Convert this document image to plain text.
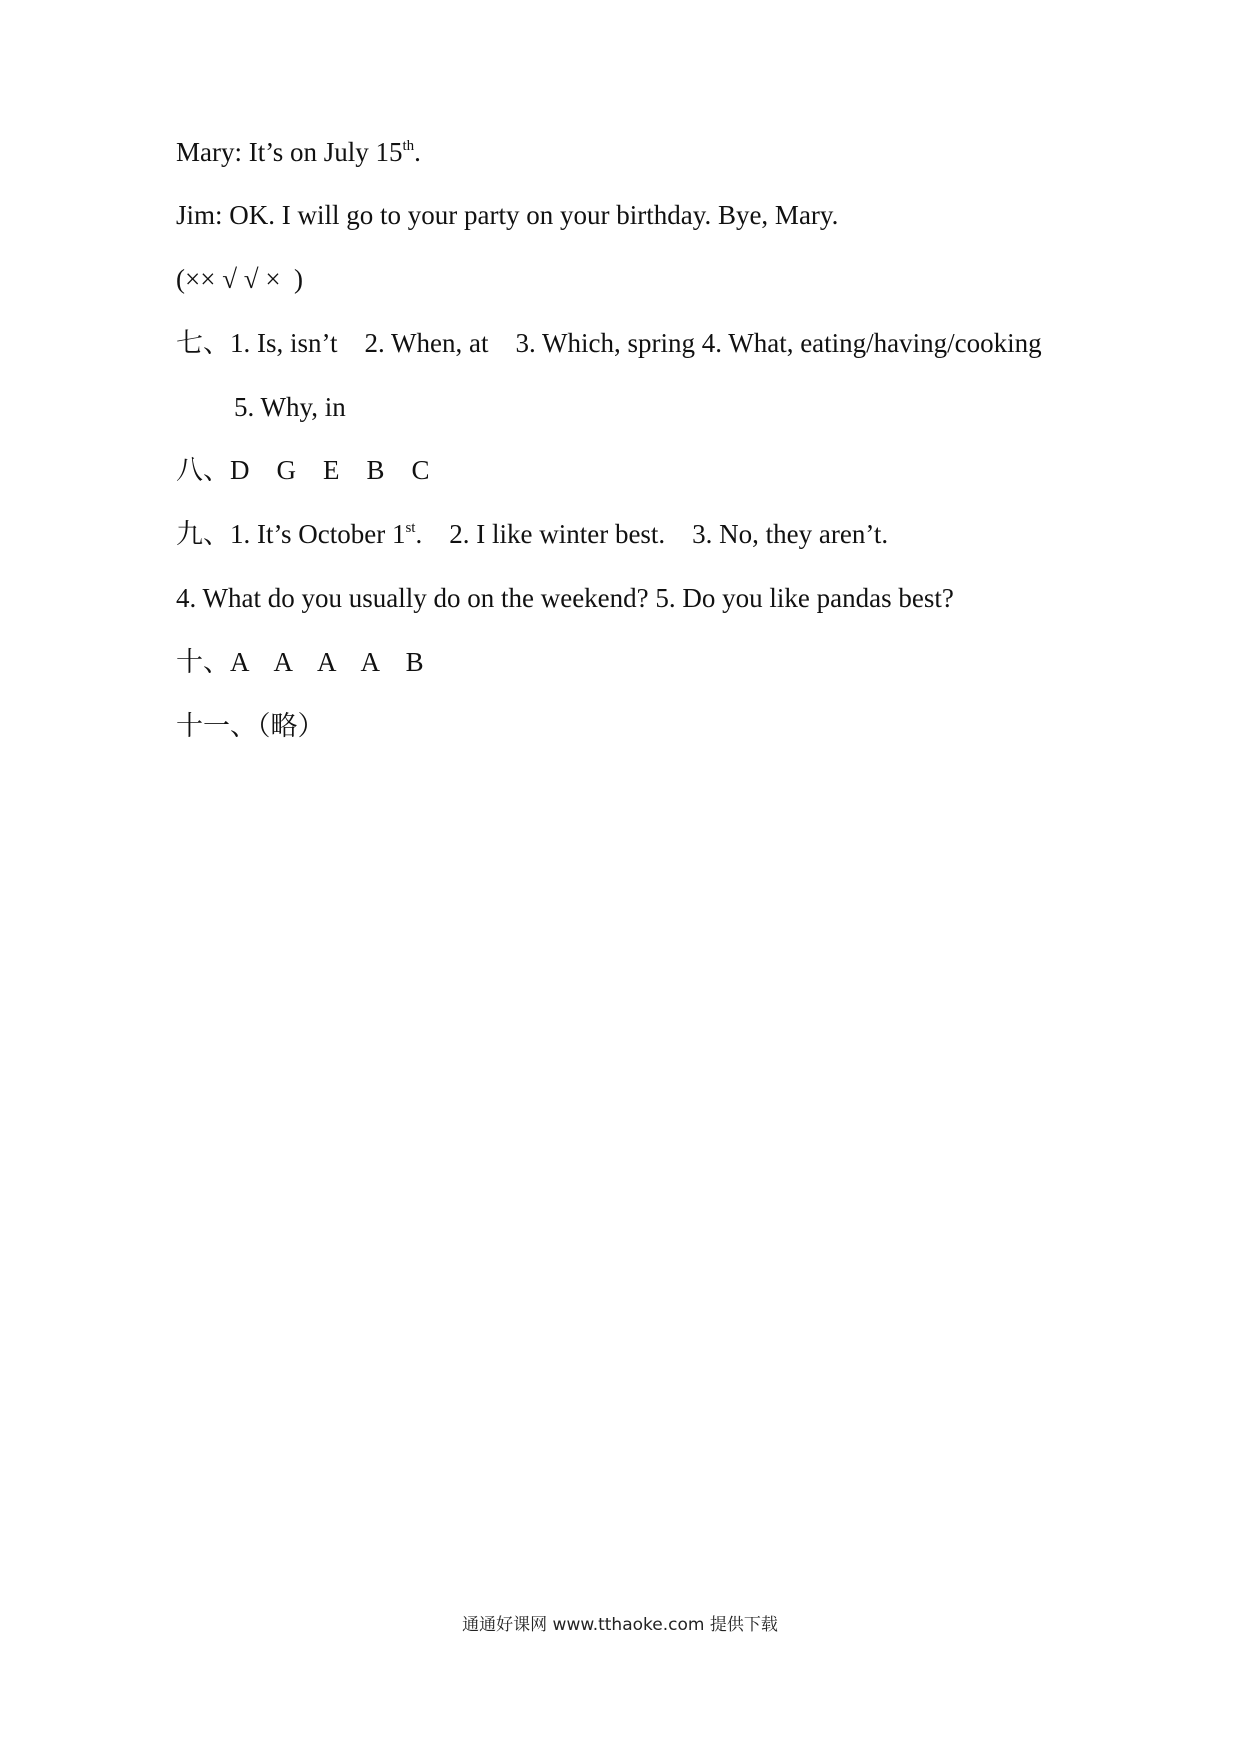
Mary: It’s on July 15th.
Jim: OK. I will go to your party on your birthday. Bye, Mary.
(×× √ √ ×  )
七、1. Is, isn’t    2. When, at    3. Which, spring 4. What, eating/having/cooking
5. Why, in
八、D    G    E    B    C
九、1. It’s October 1st.    2. I like winter best.    3. No, they aren’t.
4. What do you usually do on the weekend? 5. Do you like pandas best?
十、A    A    A    A    B
十一、（略）
通通好课网 www.tthaoke.com 提供下载
